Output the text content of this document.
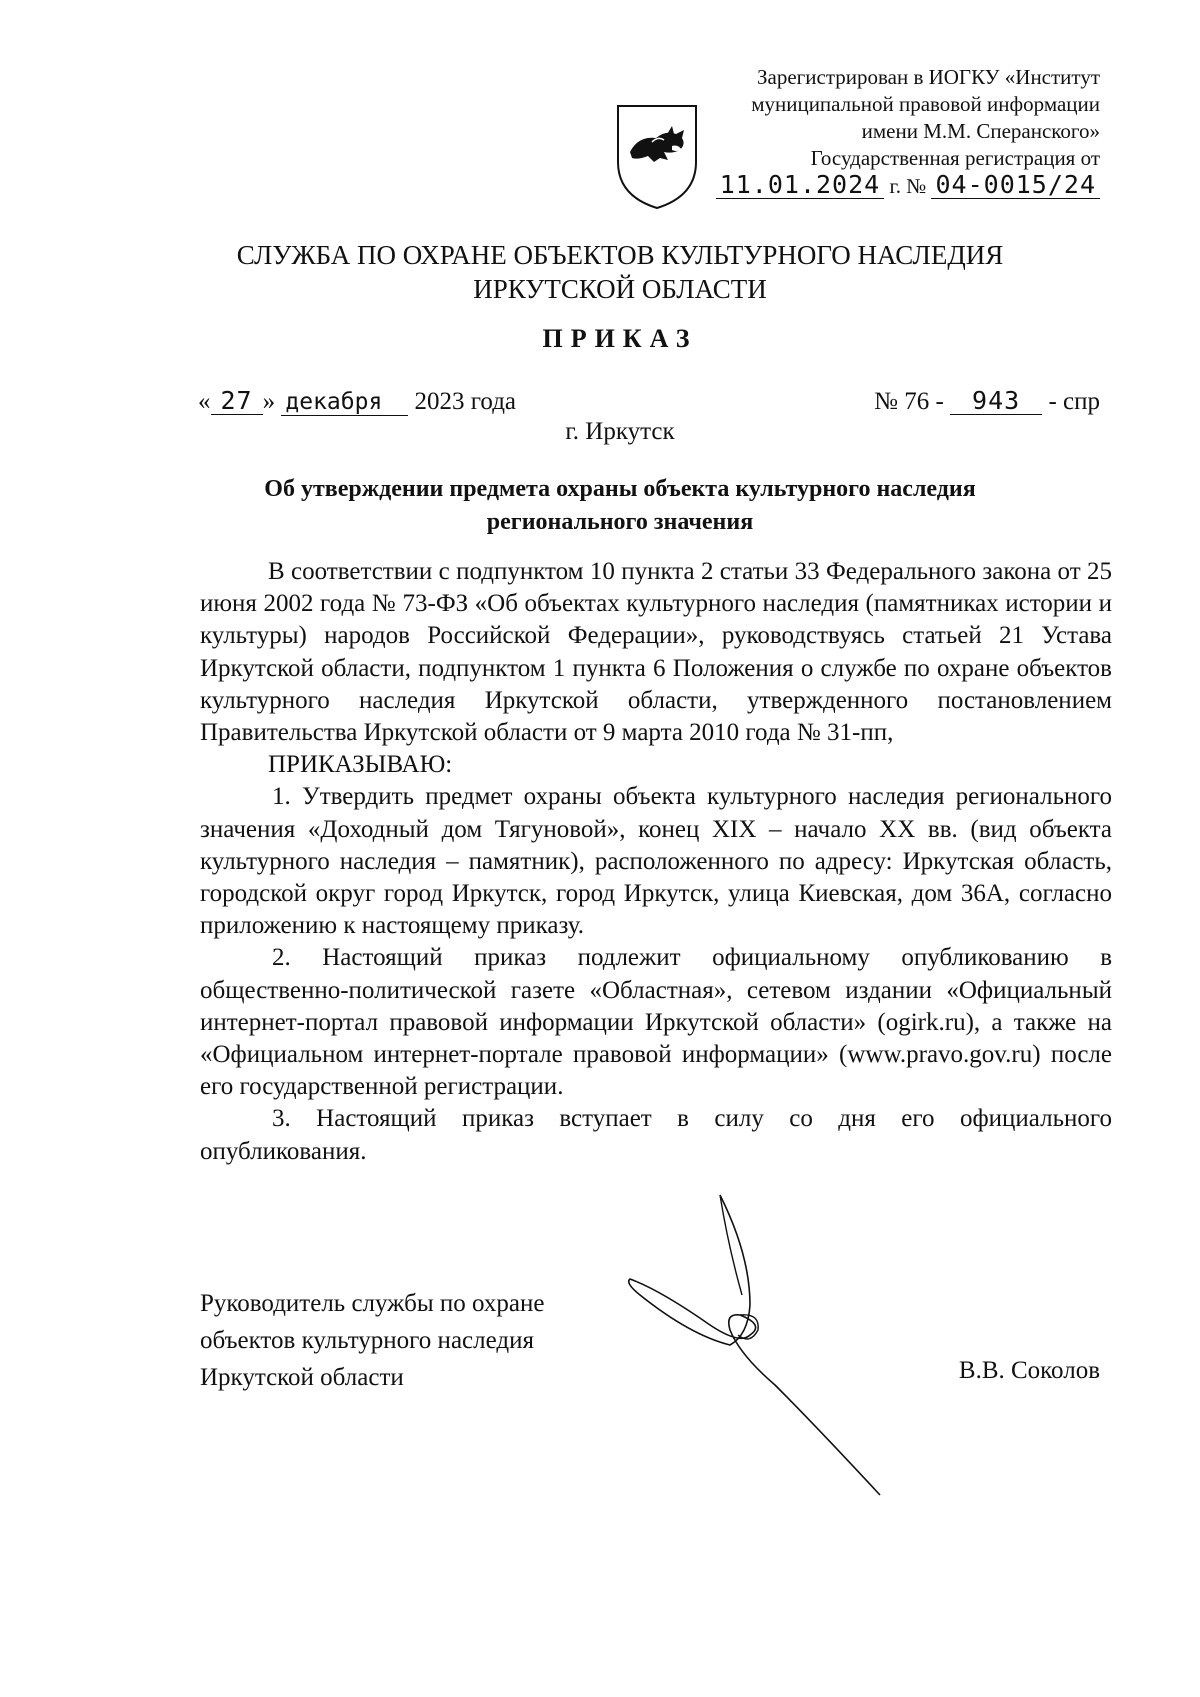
Зарегистрирован в ИОГКУ «Институт
муниципальной правовой информации
имени М.М. Сперанского»
Государственная регистрация от
11.01.2024 г. № 04-0015/24
СЛУЖБА ПО ОХРАНЕ ОБЪЕКТОВ КУЛЬТУРНОГО НАСЛЕДИЯ
ИРКУТСКОЙ ОБЛАСТИ
ПРИКАЗ
« 27 » декабря 2023 года	№ 76 - 943 - спр
г. Иркутск
Об утверждении предмета охраны объекта культурного наследия
регионального значения

В соответствии с подпунктом 10 пункта 2 статьи 33 Федерального закона от 25 июня 2002 года № 73-ФЗ «Об объектах культурного наследия (памятниках истории и культуры) народов Российской Федерации», руководствуясь статьей 21 Устава Иркутской области, подпунктом 1 пункта 6 Положения о службе по охране объектов культурного наследия Иркутской области, утвержденного постановлением Правительства Иркутской области от 9 марта 2010 года № 31-пп,

ПРИКАЗЫВАЮ:

1. Утвердить предмет охраны объекта культурного наследия регионального значения «Доходный дом Тягуновой», конец XIX – начало XX вв. (вид объекта культурного наследия – памятник), расположенного по адресу: Иркутская область, городской округ город Иркутск, город Иркутск, улица Киевская, дом 36А, согласно приложению к настоящему приказу.

2. Настоящий приказ подлежит официальному опубликованию в общественно-политической газете «Областная», сетевом издании «Официальный интернет-портал правовой информации Иркутской области» (ogirk.ru), а также на «Официальном интернет-портале правовой информации» (www.pravo.gov.ru) после его государственной регистрации.

3. Настоящий приказ вступает в силу со дня его официального опубликования.

Руководитель службы по охране
объектов культурного наследия
Иркутской области	В.В. Соколов
